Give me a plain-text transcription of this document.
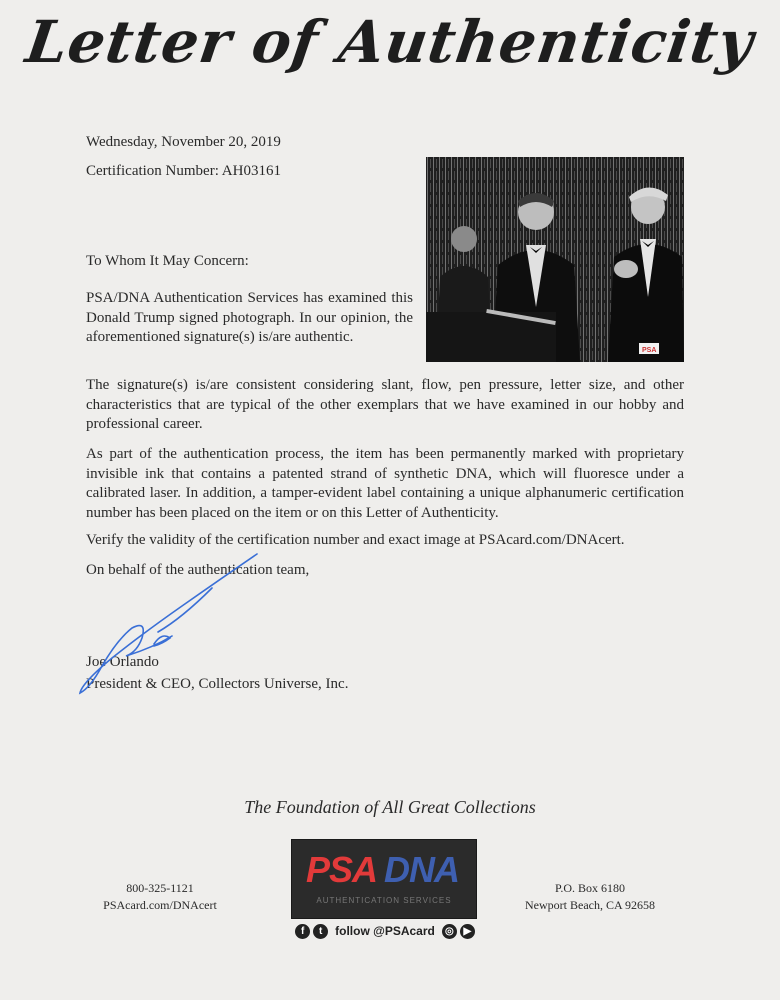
Letter of Authenticity
Wednesday, November 20, 2019
Certification Number: AH03161
PSA
To Whom It May Concern:
PSA/DNA Authentication Services has examined this Donald Trump signed photograph. In our opinion, the aforementioned signature(s) is/are authentic.
The signature(s) is/are consistent considering slant, flow, pen pressure, letter size, and other characteristics that are typical of the other exemplars that we have examined in our hobby and professional career.
As part of the authentication process, the item has been permanently marked with proprietary invisible ink that contains a patented strand of synthetic DNA, which will fluoresce under a calibrated laser. In addition, a tamper-evident label containing a unique alphanumeric certification number has been placed on the item or on this Letter of Authenticity.
Verify the validity of the certification number and exact image at PSAcard.com/DNAcert.
On behalf of the authentication team,
Joe Orlando
President & CEO, Collectors Universe, Inc.
The Foundation of All Great Collections
800-325-1121
PSAcard.com/DNAcert
PSA DNA
AUTHENTICATION SERVICES
P.O. Box 6180
Newport Beach, CA 92658
f	t	follow @PSAcard	◎ ▶
